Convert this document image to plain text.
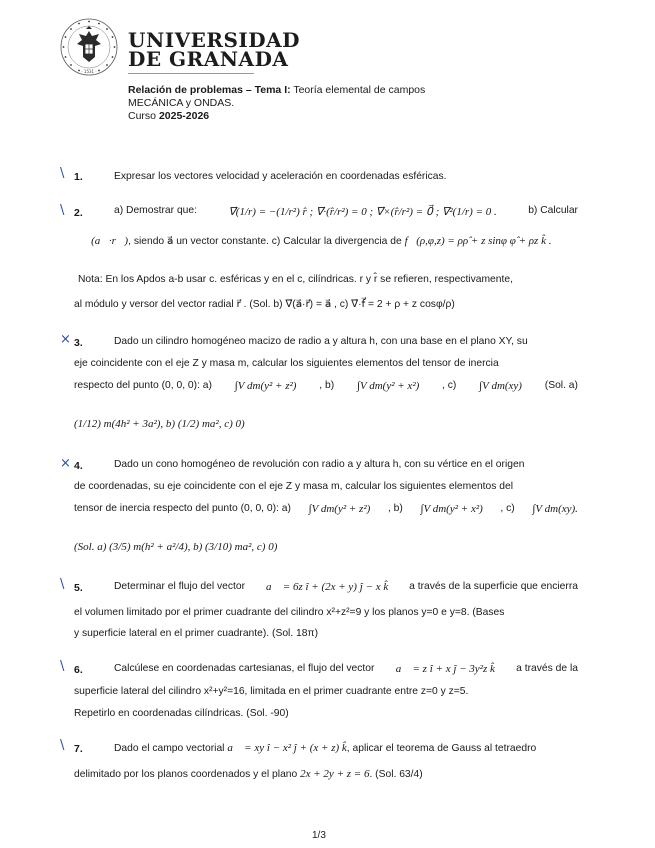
· 1531 ·
UNIVERSIDAD
DE GRANADA
Relación de problemas – Tema I: Teoría elemental de campos
MECÁNICA y ONDAS.
Curso 2025-2026
\
\
×
×
\
\
\
1.	Expresar los vectores velocidad y aceleración en coordenadas esféricas.
2.	a) Demostrar que:	∇⃗(1/r) = −(1/r²) r̂ ; ∇⃗·(r̂/r²) = 0 ; ∇⃗×(r̂/r²) = 0⃗ ; ∇²(1/r) = 0 .	b) Calcular
∇⃗(a⃗·r⃗), siendo a⃗ un vector constante. c) Calcular la divergencia de f⃗(ρ,φ,z) = ρρ̂ + z sinφ φ̂ + ρz k̂ .
Nota: En los Apdos a-b usar c. esféricas y en el c, cilíndricas. r y r̂ se refieren, respectivamente,
al módulo y versor del vector radial r⃗ . (Sol. b) ∇⃗(a⃗·r⃗) = a⃗ , c) ∇⃗·f⃗ = 2 + ρ + z cosφ/ρ)
3.	Dado un cilindro homogéneo macizo de radio a y altura h, con una base en el plano XY, su
eje coincidente con el eje Z y masa m, calcular los siguientes elementos del tensor de inercia
respecto del punto (0, 0, 0): a) ∫V dm(y² + z²) , b) ∫V dm(y² + x²) , c) ∫V dm(xy) (Sol. a)
(1/12) m(4h² + 3a²), b) (1/2) ma², c) 0)
4.	Dado un cono homogéneo de revolución con radio a y altura h, con su vértice en el origen
de coordenadas, su eje coincidente con el eje Z y masa m, calcular los siguientes elementos del
tensor de inercia respecto del punto (0, 0, 0): a) ∫V dm(y² + z²) , b) ∫V dm(y² + x²) , c) ∫V dm(xy).
(Sol. a) (3/5) m(h² + a²/4), b) (3/10) ma², c) 0)
5.	Determinar el flujo del vector a⃗ = 6z î + (2x + y) ĵ − x k̂ a través de la superficie que encierra
el volumen limitado por el primer cuadrante del cilindro x²+z²=9 y los planos y=0 e y=8. (Bases
y superficie lateral en el primer cuadrante). (Sol. 18π)
6.	Calcúlese en coordenadas cartesianas, el flujo del vector a⃗ = z î + x ĵ − 3y²z k̂ a través de la
superficie lateral del cilindro x²+y²=16, limitada en el primer cuadrante entre z=0 y z=5.
Repetirlo en coordenadas cilíndricas. (Sol. -90)
7.	Dado el campo vectorial a⃗ = xy î − x² ĵ + (x + z) k̂, aplicar el teorema de Gauss al tetraedro
delimitado por los planos coordenados y el plano 2x + 2y + z = 6. (Sol. 63/4)
1/3
